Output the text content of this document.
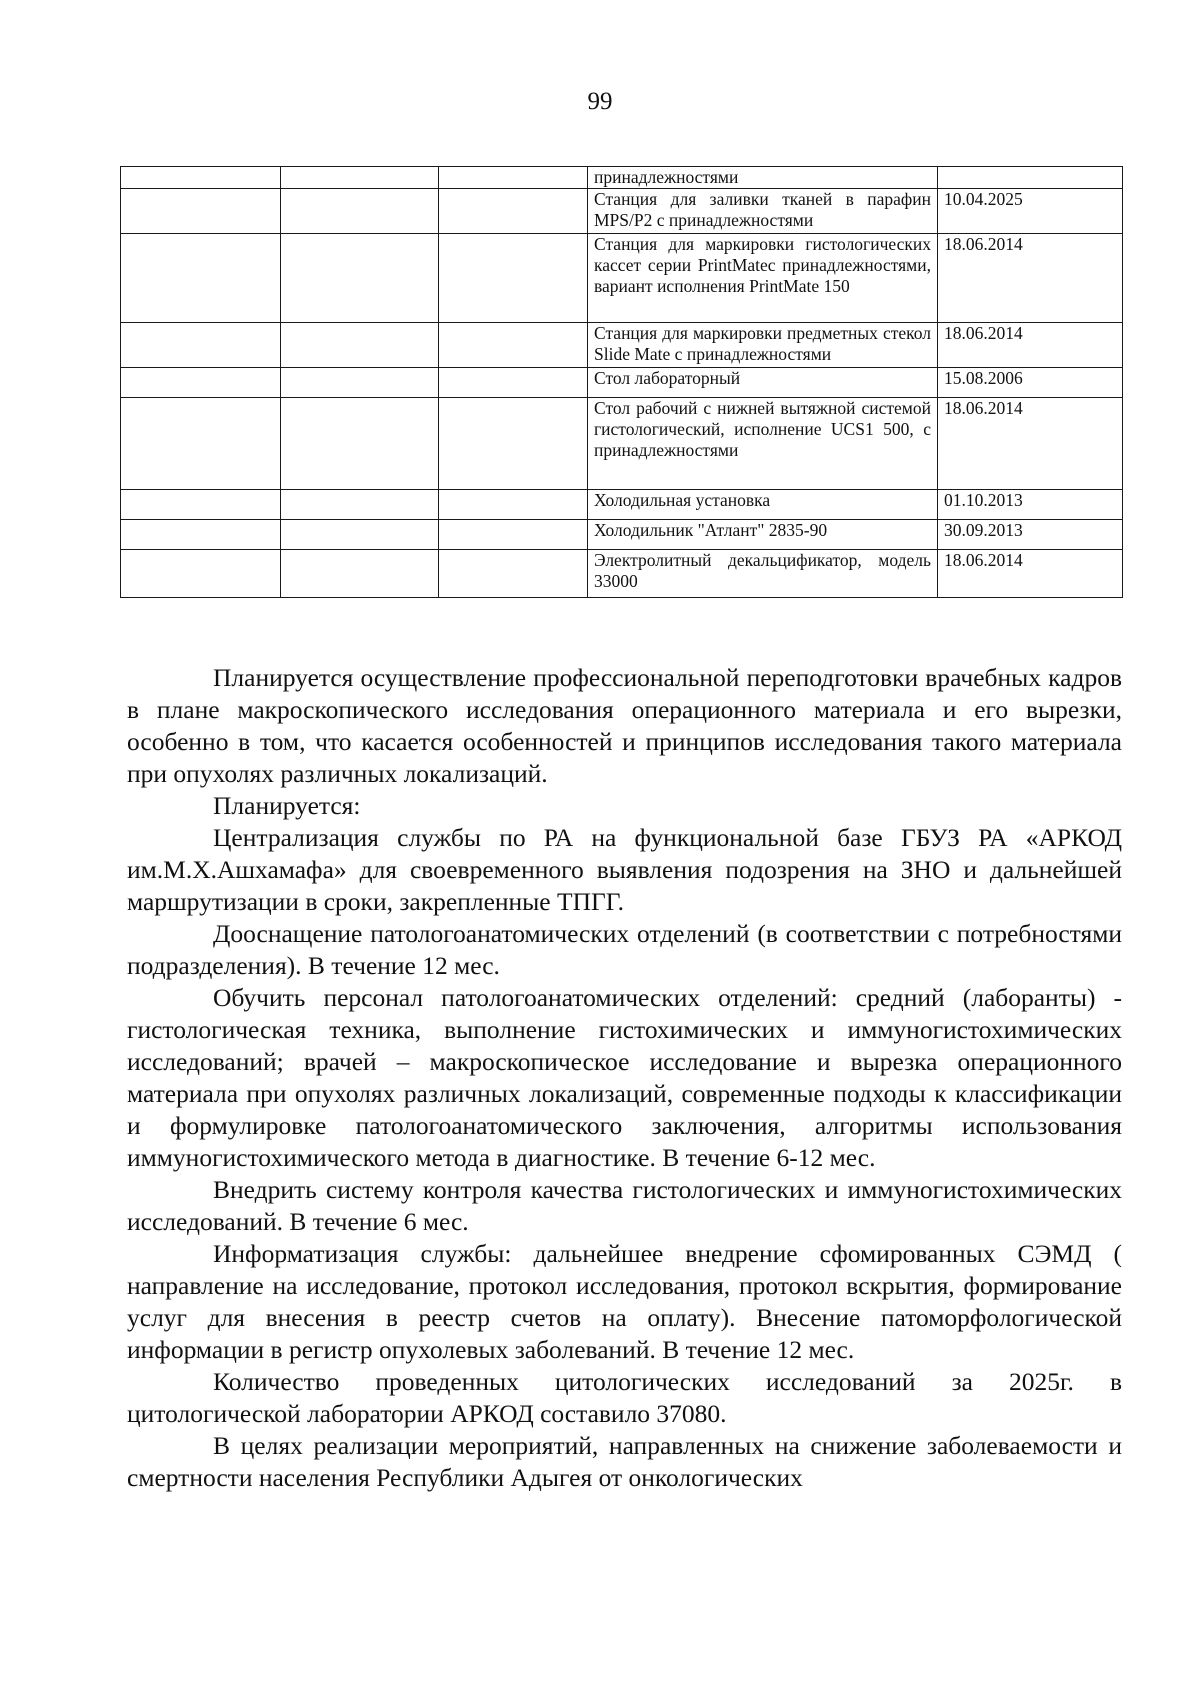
99
			принадлежностями	
			Станция для заливки тканей в парафин MPS/P2 с принадлежностями	10.04.2025
			Станция для маркировки гистологических кассет серии PrintMatec принадлежностями, вариант исполнения PrintMate 150	18.06.2014
			Станция для маркировки предметных стекол Slide Mate с принадлежностями	18.06.2014
			Стол лабораторный	15.08.2006
			Стол рабочий с нижней вытяжной системой гистологический, исполнение UCS1 500, с принадлежностями	18.06.2014
			Холодильная установка	01.10.2013
			Холодильник "Атлант" 2835-90	30.09.2013
			Электролитный декальцификатор, модель 33000	18.06.2014

Планируется осуществление профессиональной переподготовки врачебных кадров в плане макроскопического исследования операционного материала и его вырезки, особенно в том, что касается особенностей и принципов исследования такого материала при опухолях различных локализаций.

Планируется:

Централизация службы по РА на функциональной базе ГБУЗ РА «АРКОД им.М.Х.Ашхамафа» для своевременного выявления подозрения на ЗНО и дальнейшей маршрутизации в сроки, закрепленные ТПГГ.

Дооснащение патологоанатомических отделений (в соответствии с потребностями подразделения). В течение 12 мес.

Обучить персонал патологоанатомических отделений: средний (лаборанты) - гистологическая техника, выполнение гистохимических и иммуногистохимических исследований; врачей – макроскопическое исследование и вырезка операционного материала при опухолях различных локализаций, современные подходы к классификации и формулировке патологоанатомического заключения, алгоритмы использования иммуногистохимического метода в диагностике. В течение 6-12 мес.

Внедрить систему контроля качества гистологических и иммуногистохимических исследований. В течение 6 мес.

Информатизация службы: дальнейшее внедрение сфомированных СЭМД ( направление на исследование, протокол исследования, протокол вскрытия, формирование услуг для внесения в реестр счетов на оплату). Внесение патоморфологической информации в регистр опухолевых заболеваний. В течение 12 мес.

Количество проведенных цитологических исследований за 2025г. в цитологической лаборатории АРКОД составило 37080.

В целях реализации мероприятий, направленных на снижение заболеваемости и смертности населения Республики Адыгея от онкологических
